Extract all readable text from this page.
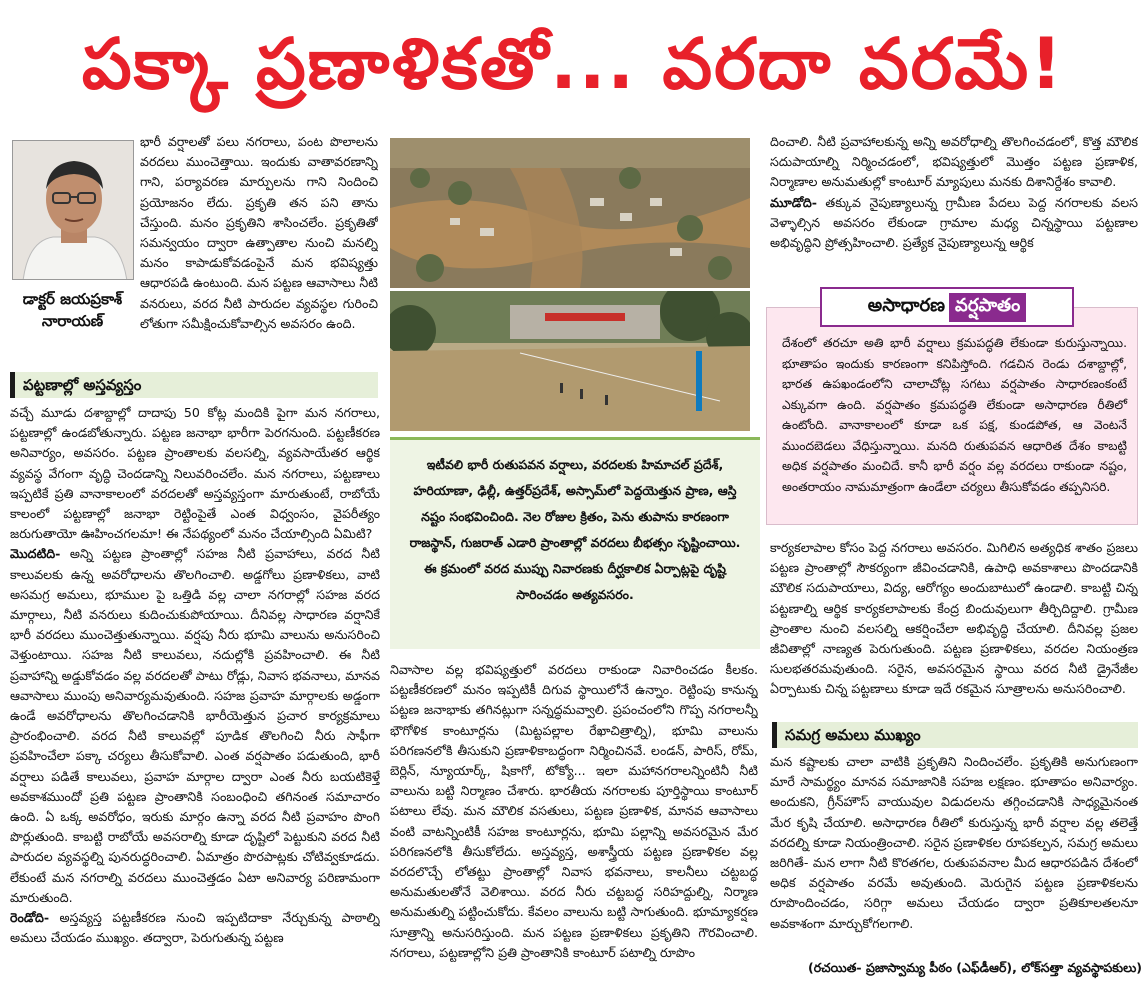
పక్కా ప్రణాళికతో... వరదా వరమే!
డాక్టర్ జయప్రకాశ్
నారాయణ్

భారీ వర్షాలతో పలు నగరాలు, పంట పొలాలను వరదలు ముంచెత్తాయి. ఇందుకు వాతావరణాన్ని గాని, పర్యావరణ మార్పులను గాని నిందించి ప్రయోజనం లేదు. ప్రకృతి తన పని తాను చేస్తుంది. మనం ప్రకృతిని శాసించలేం. ప్రకృతితో సమన్వయం ద్వారా ఉత్పాతాల నుంచి మనల్ని మనం కాపాడుకోవడంపైనే మన భవిష్యత్తు ఆధారపడి ఉంటుంది. మన పట్టణ ఆవాసాలు నీటి వనరులు, వరద నీటి పారుదల వ్యవస్థల గురించి లోతుగా సమీక్షించుకోవాల్సిన అవసరం ఉంది.

పట్టణాల్లో అస్తవ్యస్తం

వచ్చే మూడు దశాబ్దాల్లో దాదాపు 50 కోట్ల మందికి పైగా మన నగరాలు, పట్టణాల్లో ఉండబోతున్నారు. పట్టణ జనాభా భారీగా పెరగనుంది. పట్టణీకరణ అనివార్యం, అవసరం. పట్టణ ప్రాంతాలకు వలసల్ని, వ్యవసాయేతర ఆర్థిక వ్యవస్థ వేగంగా వృద్ధి చెందడాన్ని నిలువరించలేం. మన నగరాలు, పట్టణాలు ఇప్పటికే ప్రతి వానాకాలంలో వరదలతో అస్తవ్యస్తంగా మారుతుంటే, రాబోయే కాలంలో పట్టణాల్లో జనాభా రెట్టింపైతే ఎంత విధ్వంసం, వైపరీత్యం జరుగుతాయో ఊహించగలమా! ఈ నేపథ్యంలో మనం చేయాల్సింది ఏమిటి?

మొదటిది- అన్ని పట్టణ ప్రాంతాల్లో సహజ నీటి ప్రవాహాలు, వరద నీటి కాలువలకు ఉన్న అవరోధాలను తొలగించాలి. అడ్డగోలు ప్రణాళికలు, వాటి అసమగ్ర అమలు, భూముల పై ఒత్తిడి వల్ల చాలా నగరాల్లో సహజ వరద మార్గాలు, నీటి వనరులు కుదించుకుపోయాయి. దీనివల్ల సాధారణ వర్షానికే భారీ వరదలు ముంచెత్తుతున్నాయి. వర్షపు నీరు భూమి వాలును అనుసరించి వెళ్తుంటాయి. సహజ నీటి కాలువలు, నదుల్లోకి ప్రవహించాలి. ఈ నీటి ప్రవాహాన్ని అడ్డుకోవడం వల్ల వరదలతో పాటు రోడ్లు, నివాస భవనాలు, మానవ ఆవాసాలు ముంపు అనివార్యమవుతుంది. సహజ ప్రవాహ మార్గాలకు అడ్డంగా ఉండే అవరోధాలను తొలగించడానికి భారీయెత్తున ప్రచార కార్యక్రమాలు ప్రారంభించాలి. వరద నీటి కాలువల్లో పూడిక తొలగించి నీరు సాఫీగా ప్రవహించేలా పక్కా చర్యలు తీసుకోవాలి. ఎంత వర్షపాతం పడుతుంది, భారీ వర్షాలు పడితే కాలువలు, ప్రవాహ మార్గాల ద్వారా ఎంత నీరు బయటికెళ్తే అవకాశముందో ప్రతి పట్టణ ప్రాంతానికి సంబంధించి తగినంత సమాచారం ఉంది. ఏ ఒక్క అవరోధం, ఇరుకు మార్గం ఉన్నా వరద నీటి ప్రవాహం పొంగి పొర్లుతుంది. కాబట్టి రాబోయే అవసరాల్ని కూడా దృష్టిలో పెట్టుకుని వరద నీటి పారుదల వ్యవస్థల్ని పునరుద్ధరించాలి. ఏమాత్రం పొరపాట్లకు చోటివ్వకూడదు. లేకుంటే మన నగరాల్ని వరదలు ముంచెత్తడం ఏటా అనివార్య పరిణామంగా మారుతుంది.

రెండోది- అస్తవ్యస్త పట్టణీకరణ నుంచి ఇప్పటిదాకా నేర్చుకున్న పాఠాల్ని అమలు చేయడం ముఖ్యం. తద్వారా, పెరుగుతున్న పట్టణ

ఇటీవలి భారీ రుతుపవన వర్షాలు, వరదలకు హిమాచల్ ప్రదేశ్, హరియాణా, ఢిల్లీ, ఉత్తర్‌ప్రదేశ్, అస్సామ్‌లో పెద్దయెత్తున ప్రాణ, ఆస్తి నష్టం సంభవించింది. నెల రోజుల క్రితం, పెను తుపాను కారణంగా రాజస్థాన్, గుజరాత్ ఎడారి ప్రాంతాల్లో వరదలు బీభత్సం సృష్టించాయి. ఈ క్రమంలో వరద ముప్పు నివారణకు దీర్ఘకాలిక ఏర్పాట్లపై దృష్టి సారించడం అత్యవసరం.

నివాసాల వల్ల భవిష్యత్తులో వరదలు రాకుండా నివారించడం కీలకం. పట్టణీకరణలో మనం ఇప్పటికీ దిగువ స్థాయిలోనే ఉన్నాం. రెట్టింపు కానున్న పట్టణ జనాభాకు తగినట్లుగా సన్నద్ధమవ్వాలి. ప్రపంచంలోని గొప్ప నగరాలన్నీ భౌగోళిక కాంటూర్లను (మిట్టపల్లాల రేఖాచిత్రాల్ని), భూమి వాలును పరిగణనలోకి తీసుకుని ప్రణాళికాబద్ధంగా నిర్మించినవే. లండన్, పారిస్, రోమ్, బెర్లిన్, న్యూయార్క్, షికాగో, టోక్యో... ఇలా మహానగరాలన్నింటినీ నీటి వాలును బట్టి నిర్మాణం చేశారు. భారతీయ నగరాలకు పూర్తిస్థాయి కాంటూర్ పటాలు లేవు. మన మౌలిక వసతులు, పట్టణ ప్రణాళిక, మానవ ఆవాసాలు వంటి వాటన్నింటికీ సహజ కాంటూర్లను, భూమి పల్లాన్ని అవసరమైన మేర పరిగణనలోకి తీసుకోలేదు. అస్తవ్యస్త, అశాస్త్రీయ పట్టణ ప్రణాళికల వల్ల వరదలొచ్చే లోతట్టు ప్రాంతాల్లో నివాస భవనాలు, కాలనీలు చట్టబద్ధ అనుమతులతోనే వెలిశాయి. వరద నీరు చట్టబద్ధ సరిహద్దుల్ని, నిర్మాణ అనుమతుల్ని పట్టించుకోదు. కేవలం వాలును బట్టి సాగుతుంది. భూమ్యాకర్షణ సూత్రాన్ని అనుసరిస్తుంది. మన పట్టణ ప్రణాళికలు ప్రకృతిని గౌరవించాలి. నగరాలు, పట్టణాల్లోని ప్రతి ప్రాంతానికి కాంటూర్ పటాల్ని రూపొం

దించాలి. నీటి ప్రవాహాలకున్న అన్ని అవరోధాల్ని తొలగించడంలో, కొత్త మౌలిక సదుపాయాల్ని నిర్మించడంలో, భవిష్యత్తులో మొత్తం పట్టణ ప్రణాళిక, నిర్మాణాల అనుమతుల్లో కాంటూర్ మ్యాపులు మనకు దిశానిర్దేశం కావాలి.

మూడోది- తక్కువ నైపుణ్యాలున్న గ్రామీణ పేదలు పెద్ద నగరాలకు వలస వెళ్ళాల్సిన అవసరం లేకుండా గ్రామాల మధ్య చిన్నస్థాయి పట్టణాల అభివృద్ధిని ప్రోత్సహించాలి. ప్రత్యేక నైపుణ్యాలున్న ఆర్థిక

అసాధారణ వర్షపాతం

దేశంలో తరచూ అతి భారీ వర్షాలు క్రమపద్ధతి లేకుండా కురుస్తున్నాయి. భూతాపం ఇందుకు కారణంగా కనిపిస్తోంది. గడచిన రెండు దశాబ్దాల్లో, భారత ఉపఖండంలోని చాలాచోట్ల సగటు వర్షపాతం సాధారణంకంటే ఎక్కువగా ఉంది. వర్షపాతం క్రమపద్ధతి లేకుండా అసాధారణ రీతిలో ఉంటోంది. వానాకాలంలో కూడా ఒక పక్ష, కుండపోత, ఆ వెంటనే ముందబెడలు వేధిస్తున్నాయి. మనది రుతుపవన ఆధారిత దేశం కాబట్టి అధిక వర్షపాతం మంచిదే. కానీ భారీ వర్షం వల్ల వరదలు రాకుండా నష్టం, అంతరాయం నామమాత్రంగా ఉండేలా చర్యలు తీసుకోవడం తప్పనిసరి.

కార్యకలాపాల కోసం పెద్ద నగరాలు అవసరం. మిగిలిన అత్యధిక శాతం ప్రజలు పట్టణ ప్రాంతాల్లో సౌకర్యంగా జీవించడానికి, ఉపాధి అవకాశాలు పొందడానికి మౌలిక సదుపాయాలు, విద్య, ఆరోగ్యం అందుబాటులో ఉండాలి. కాబట్టి చిన్న పట్టణాల్ని ఆర్థిక కార్యకలాపాలకు కేంద్ర బిందువులుగా తీర్చిదిద్దాలి. గ్రామీణ ప్రాంతాల నుంచి వలసల్ని ఆకర్షించేలా అభివృద్ధి చేయాలి. దీనివల్ల ప్రజల జీవితాల్లో నాణ్యత పెరుగుతుంది. పట్టణ ప్రణాళికలు, వరదల నియంత్రణ సులభతరమవుతుంది. సరైన, అవసరమైన స్థాయి వరద నీటి డ్రైనేజీల ఏర్పాటుకు చిన్న పట్టణాలు కూడా ఇదే రకమైన సూత్రాలను అనుసరించాలి.

సమగ్ర అమలు ముఖ్యం

మన కష్టాలకు చాలా వాటికి ప్రకృతిని నిందించలేం. ప్రకృతికి అనుగుణంగా మారే సామర్థ్యం మానవ సమాజానికి సహజ లక్షణం. భూతాపం అనివార్యం. అందుకని, గ్రీన్‌హౌస్ వాయువుల విడుదలను తగ్గించడానికి సాధ్యమైనంత మేర కృషి చేయాలి. అసాధారణ రీతిలో కురుస్తున్న భారీ వర్షాల వల్ల తలెత్తే వరదల్ని కూడా నియంత్రించాలి. సరైన ప్రణాళికల రూపకల్పన, సమగ్ర అమలు జరిగితే- మన లాగా నీటి కొరతగల, రుతుపవనాల మీద ఆధారపడిన దేశంలో అధిక వర్షపాతం వరమే అవుతుంది. మెరుగైన పట్టణ ప్రణాళికలను రూపొందించడం, సరిగ్గా అమలు చేయడం ద్వారా ప్రతికూలతలనూ అవకాశంగా మార్చుకోగలగాలి.

(రచయిత- ప్రజాస్వామ్య పీఠం (ఎఫ్‌డీఆర్), లోక్‌సత్తా వ్యవస్థాపకులు)
